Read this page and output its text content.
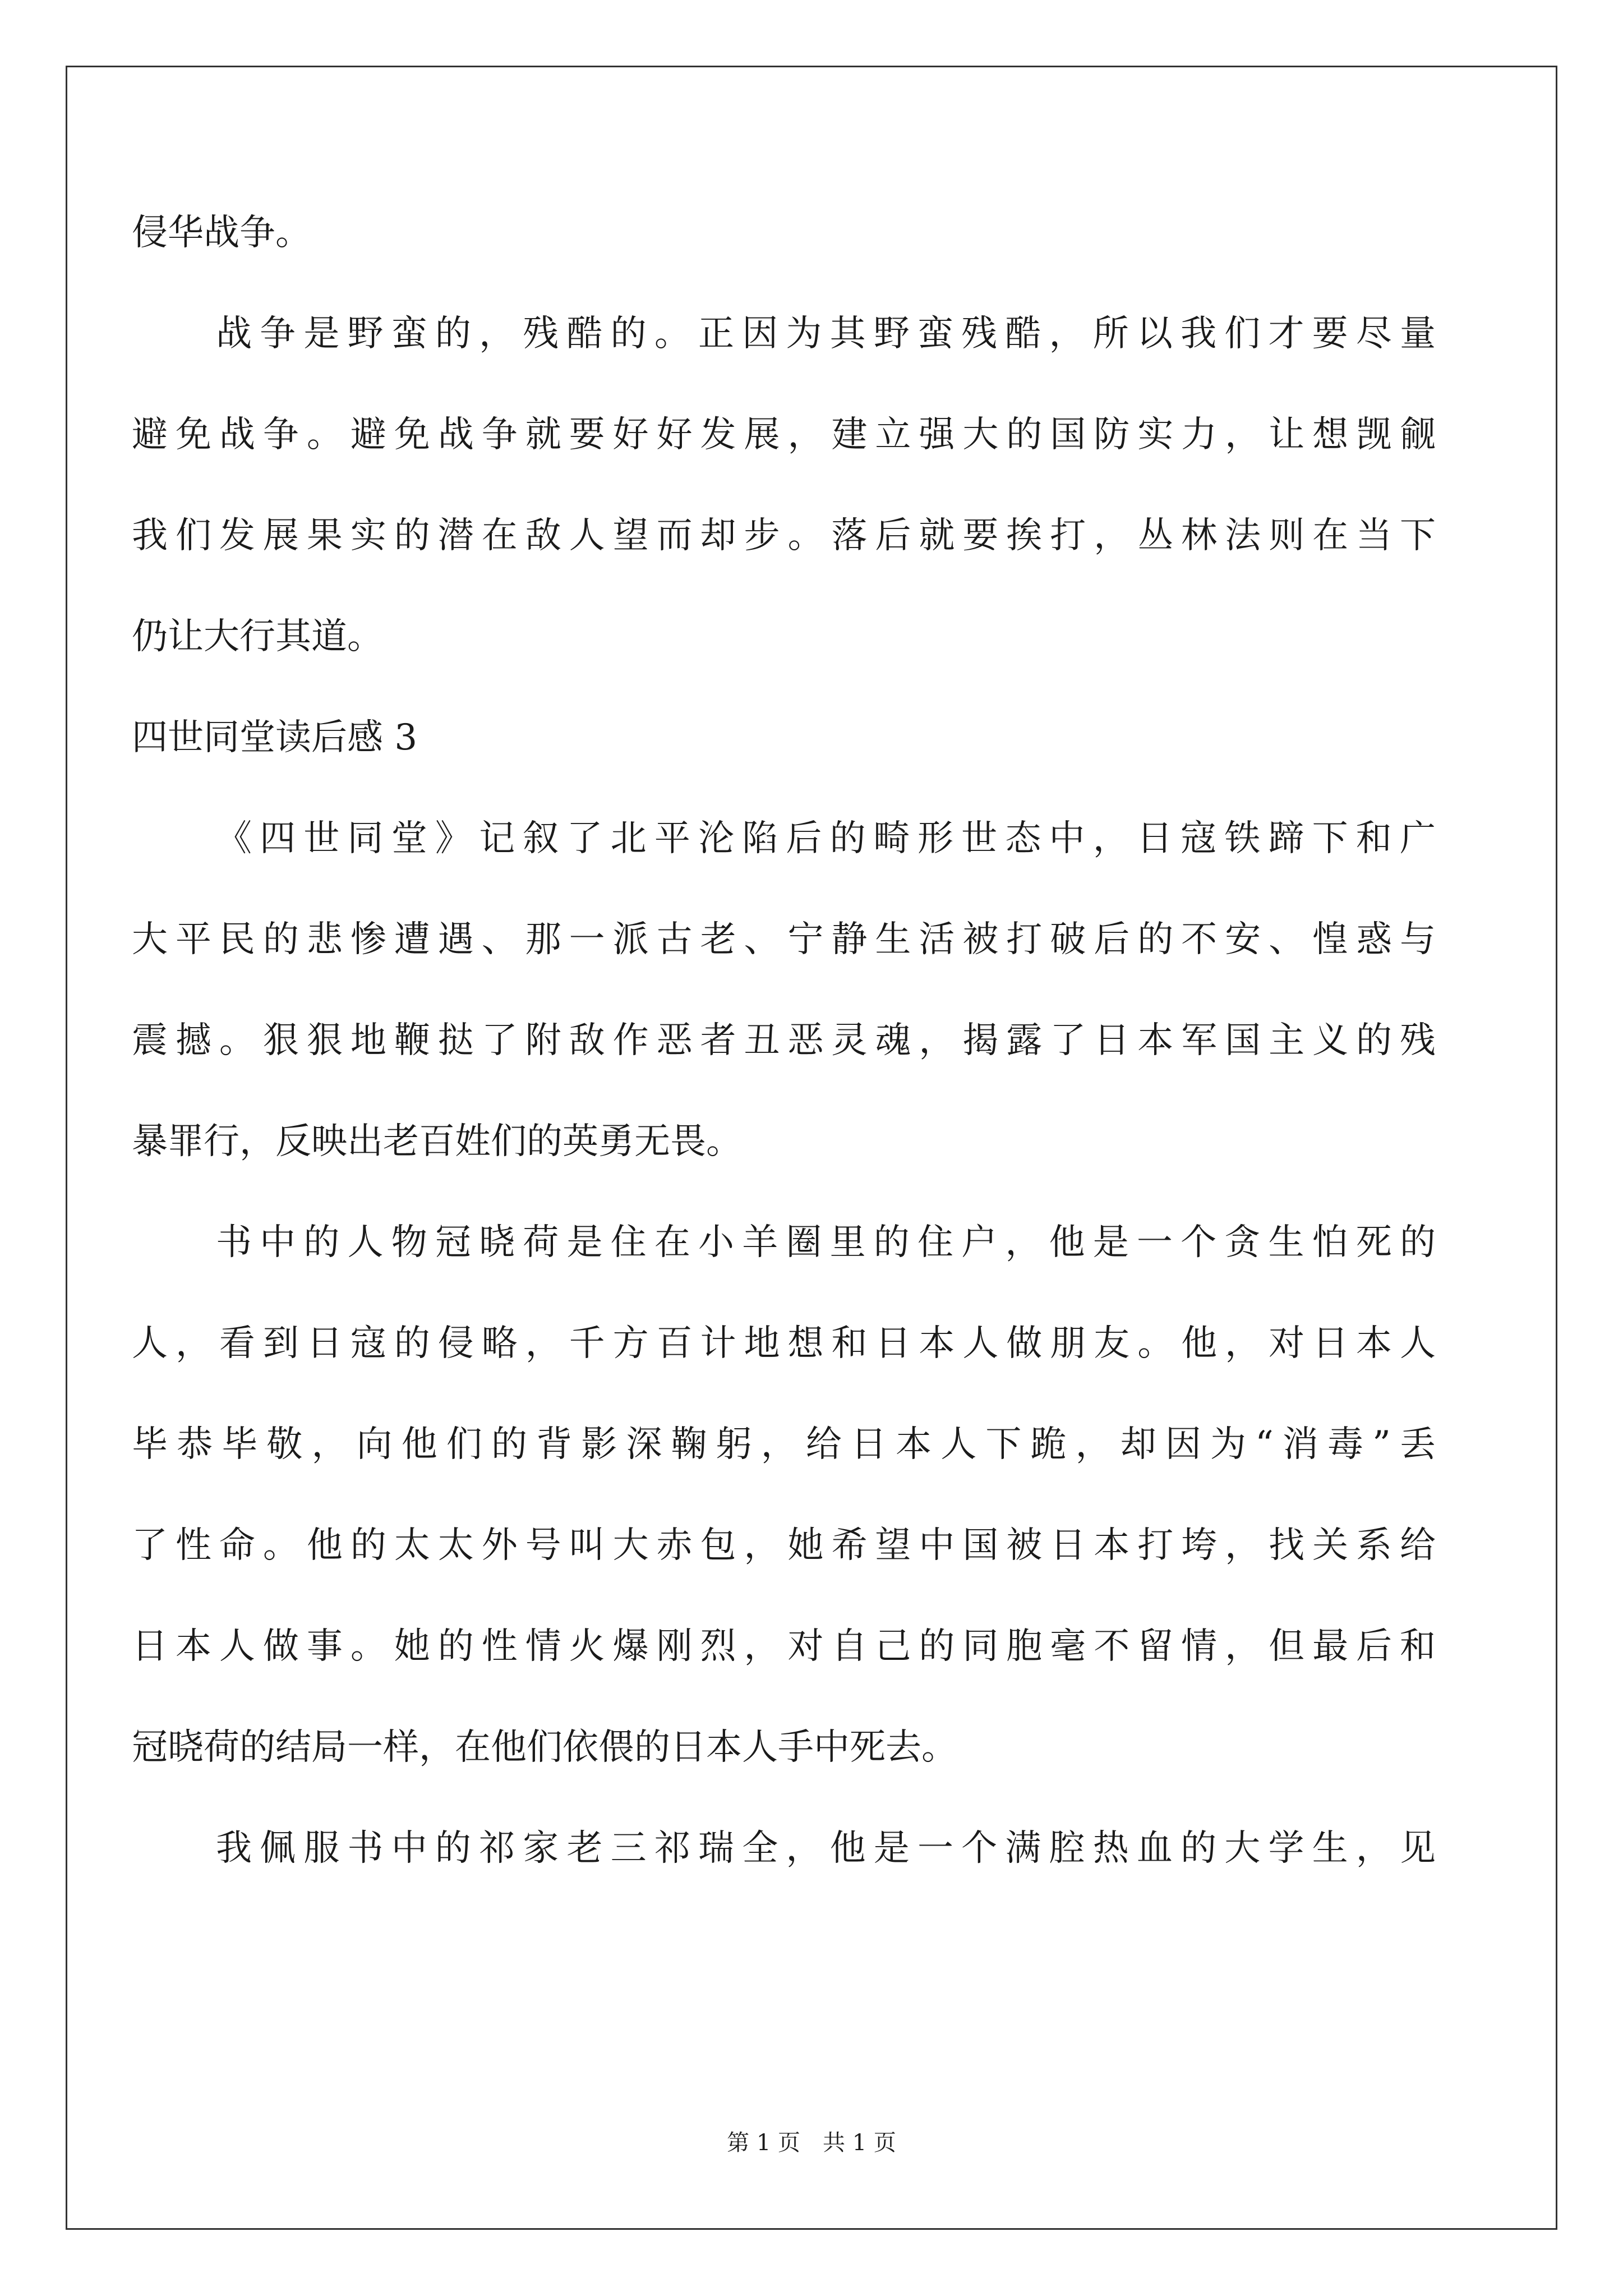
侵华战争。
战争是野蛮的，残酷的。正因为其野蛮残酷，所以我们才要尽量
避免战争。避免战争就要好好发展，建立强大的国防实力，让想觊觎
我们发展果实的潜在敌人望而却步。落后就要挨打，丛林法则在当下
仍让大行其道。
四世同堂读后感 3
《四世同堂》记叙了北平沦陷后的畸形世态中，日寇铁蹄下和广
大平民的悲惨遭遇、那一派古老、宁静生活被打破后的不安、惶惑与
震撼。狠狠地鞭挞了附敌作恶者丑恶灵魂，揭露了日本军国主义的残
暴罪行，反映出老百姓们的英勇无畏。
书中的人物冠晓荷是住在小羊圈里的住户，他是一个贪生怕死的
人，看到日寇的侵略，千方百计地想和日本人做朋友。他，对日本人
毕恭毕敬，向他们的背影深鞠躬，给日本人下跪，却因为“消毒”丢
了性命。他的太太外号叫大赤包，她希望中国被日本打垮，找关系给
日本人做事。她的性情火爆刚烈，对自己的同胞毫不留情，但最后和
冠晓荷的结局一样，在他们依偎的日本人手中死去。
我佩服书中的祁家老三祁瑞全，他是一个满腔热血的大学生，见
第 1 页 共 1 页
